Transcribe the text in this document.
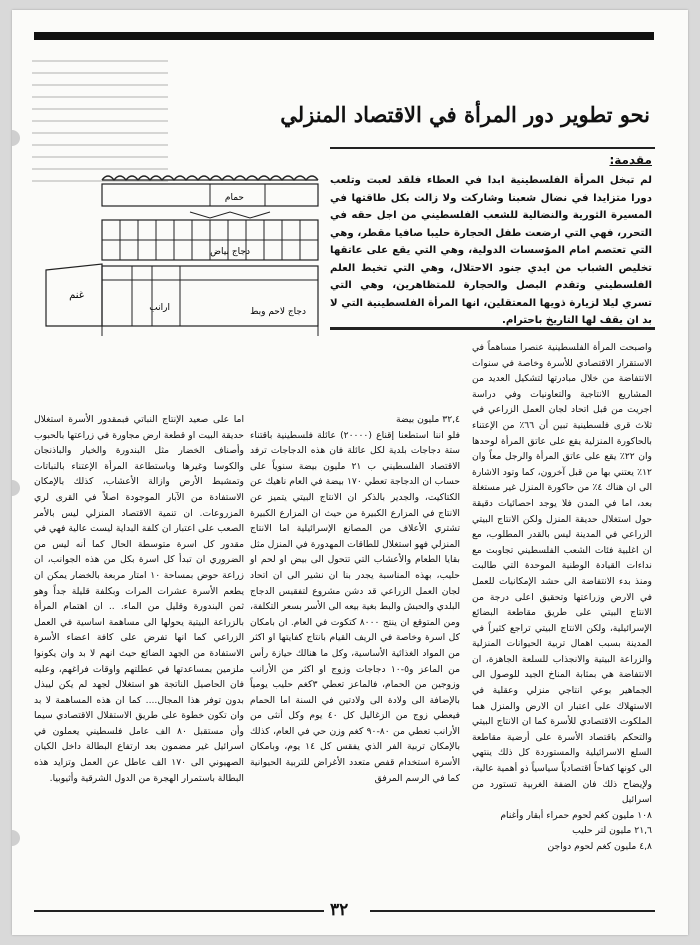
نحو تطوير دور المرأة في الاقتصاد المنزلي
مقدمة:
لم تبخل المرأة الفلسطينية ابدا في العطاء فلقد لعبت وتلعب دورا متزايدا في نضال شعبنا وشاركت ولا زالت بكل طاقتها في المسيرة الثورية والنضالية للشعب الفلسطيني من اجل حقه في التحرر، فهي التي ارضعت طفل الحجارة حليبا صافيا مقطر، وهي التي تعتصم امام المؤسسات الدولية، وهي التي يقع على عاتقها تخليص الشباب من ايدي جنود الاحتلال، وهي التي تخيط العلم الفلسطيني وتقدم البصل والحجارة للمتظاهرين، وهي التي تسري ليلا لزيارة ذويها المعتقلين، انها المرأة الفلسطينية التي لا بد ان يقف لها التاريخ باحترام.
حمام
دجاج بياض
غنم
ارانب	دجاج لاحم وبط

واصبحت المرأة الفلسطينية عنصرا مساهماً في الاستقرار الاقتصادي للأسرة وخاصة في سنوات الانتفاضة من خلال مبادرتها لتشكيل العديد من المشاريع الانتاجية والتعاونيات وفي دراسة اجريت من قبل اتحاد لجان العمل الزراعي في ثلاث قرى فلسطينية تبين أن ٦٦٪ من الإعتناء بالحاكورة المنزلية يقع على عاتق المرأة لوحدها وان ٢٢٪ يقع على عاتق المرأة والرجل معاً وان ١٢٪ يعتني بها من قبل آخرون، كما وتود الاشارة الى ان هناك ٤٪ من حاكورة المنزل غير مستغلة بعد، اما في المدن فلا يوجد احصائيات دقيقة حول استغلال حديقة المنزل ولكن الانتاج البيتي الزراعي في المدينة ليس بالقدر المطلوب، مع ان اغلبية فئات الشعب الفلسطيني تجاوبت مع نداءات القيادة الوطنية الموحدة التي طالبت ومنذ بدء الانتفاضة الى حشد الإمكانيات للعمل في الارض وزراعتها وتحقيق اعلى درجة من الانتاج البيتي على طريق مقاطعة البضائع الإسرائيلية، ولكن الانتاج البيتي تراجع كثيراً في المدينة بسبب اهمال تربية الحيوانات المنزلية والزراعة البيتية والانجذاب للسلعة الجاهزة، ان الانتفاضة هي بمثابة المناخ الجيد للوصول الى الجماهير بوعي انتاجي منزلي وعقلية في الاستهلاك على اعتبار ان الارض والمنزل هما الملكوت الاقتصادي للأسرة كما ان الانتاج البيتي والتحكم باقتصاد الأسرة على أرضية مقاطعة السلع الاسرائيلية والمستوردة كل ذلك ينتهي الى كونها كفاحاً اقتصادياً سياسياً ذو أهمية عالية، ولإيضاح ذلك فان الضفة الغربية تستورد من اسرائيل

١٠٨ مليون كغم لحوم حمراء أبقار وأغنام
٢١,٦ مليون لتر حليب
٤,٨ مليون كغم لحوم دواجن
٣٢,٤ مليون بيضة

فلو اننا استطعنا إقناع (٢٠٠٠٠) عائلة فلسطينية باقتناء ستة دجاجات بلدية لكل عائلة فان هذه الدجاجات ترفد الاقتصاد الفلسطيني ب ٢١ مليون بيضة سنوياً على حساب ان الدجاجة تعطي ١٧٠ بيضة في العام ناهيك عن الكتاكيت، والجدير بالذكر ان الانتاج البيتي يتميز عن الانتاج في المزارع الكبيرة من حيث ان المزارع الكبيرة تشتري الأعلاف من المصانع الإسرائيلية اما الانتاج المنزلي فهو استغلال للطاقات المهدورة في المنزل مثل بقايا الطعام والأعشاب التي تتحول الى بيض او لحم او حليب، بهذه المناسبة يجدر بنا ان نشير الى ان اتحاد لجان العمل الزراعي قد دشن مشروع لتفقيس الدجاج البلدي والحبش والبط بغية بيعه الى الأسر بسعر التكلفة، ومن المتوقع ان ينتج ٨٠٠٠ كتكوت في العام. ان بامكان كل اسرة وخاصة في الريف القيام بانتاج كفايتها او اكثر من المواد الغذائية الأساسية، وكل ما هنالك حيازة رأس من الماعز و٥-١٠ دجاجات وزوج او اكثر من الأرانب وزوجين من الحمام، فالماعز تعطي ٣كغم حليب يومياً بالإضافة الى ولادة الى ولادتين في السنة اما الحمام فيعطي زوج من الزغاليل كل ٤٠ يوم وكل أنثى من الأرانب تعطي من ٨٠-٩٠ كغم وزن حي في العام، كذلك بالإمكان تربية الفر الذي يفقس كل ١٤ يوم، وبامكان الأسرة استخدام قفص متعدد الأغراض للتربية الحيوانية كما في الرسم المرفق

اما على صعيد الإنتاج النباتي فبمقدور الأسرة استغلال حديقة البيت او قطعة ارض مجاورة في زراعتها بالحبوب وأصناف الخضار مثل البندورة والخيار والباذنجان والكوسا وغيرها وباستطاعة المرأة الإعتناء بالنباتات وتمشيط الأرض وازالة الأعشاب، كذلك بالإمكان الاستفادة من الآبار الموجودة اصلاً في القرى لري المزروعات. ان تنمية الاقتصاد المنزلي ليس بالأمر الصعب على اعتبار ان كلفة البداية ليست عالية فهي في مقدور كل اسرة متوسطة الحال كما أنه ليس من الضروري ان تبدأ كل اسرة بكل من هذه الجوانب، ان زراعة حوض بمساحة ١٠ امتار مربعة بالخضار يمكن ان يطعم الأسرة عشرات المرات وبكلفة قليلة جداً وهو ثمن البندورة وقليل من الماء. .. ان اهتمام المرأة بالزراعة البيتية يحولها الى مساهمة اساسية في العمل الزراعي كما انها تفرض على كافة اعضاء الأسرة الاستفادة من الجهد الضائع حيث انهم لا بد وان يكونوا ملزمين بمساعدتها في عطلتهم واوقات فراغهم، وعليه فان الحاصيل الناتجة هو استغلال لجهد لم يكن ليبذل بدون توفر هذا المجال.... كما ان هذه المساهمة لا بد وان تكون خطوة على طريق الاستقلال الاقتصادي سيما وأن مستقبل ٨٠ الف عامل فلسطيني يعملون في اسرائيل غير مضمون بعد ارتفاع البطالة داخل الكيان الصهيوني الى ١٧٠ الف عاطل عن العمل وتزايد هذه البطالة باستمرار الهجرة من الدول الشرقية وأثيوبيا.

٣٢
